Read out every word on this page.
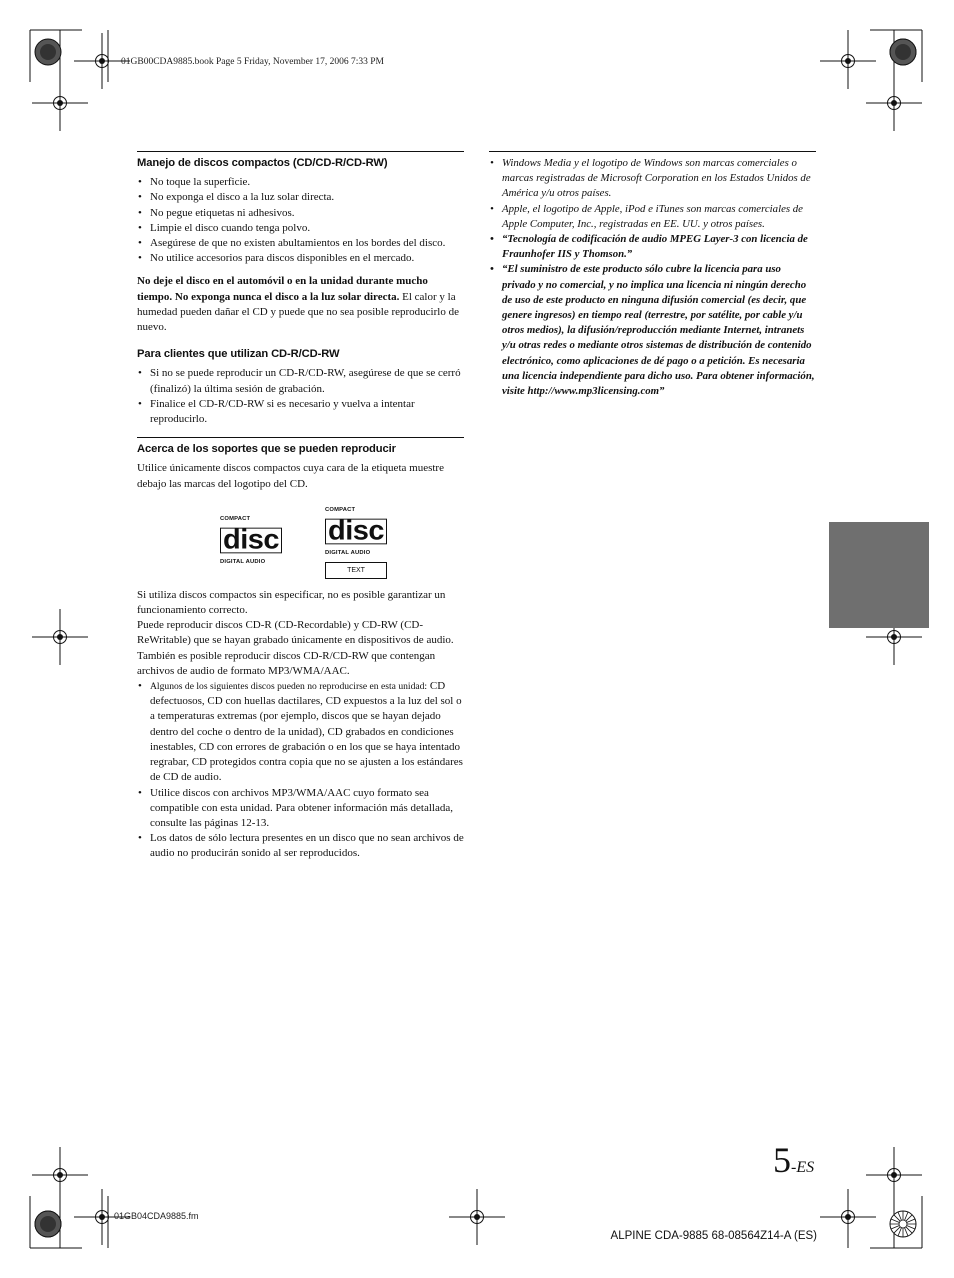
01GB00CDA9885.book Page 5 Friday, November 17, 2006 7:33 PM
Manejo de discos compactos (CD/CD-R/CD-RW)
• No toque la superficie.
• No exponga el disco a la luz solar directa.
• No pegue etiquetas ni adhesivos.
• Limpie el disco cuando tenga polvo.
• Asegúrese de que no existen abultamientos en los bordes del disco.
• No utilice accesorios para discos disponibles en el mercado.

No deje el disco en el automóvil o en la unidad durante mucho tiempo. No exponga nunca el disco a la luz solar directa. El calor y la humedad pueden dañar el CD y puede que no sea posible reproducirlo de nuevo.

Para clientes que utilizan CD-R/CD-RW
• Si no se puede reproducir un CD-R/CD-RW, asegúrese de que se cerró (finalizó) la última sesión de grabación.
• Finalice el CD-R/CD-RW si es necesario y vuelva a intentar reproducirlo.
Acerca de los soportes que se pueden reproducir

Utilice únicamente discos compactos cuya cara de la etiqueta muestre debajo las marcas del logotipo del CD.

COMPACT
disc
DIGITAL AUDIO
COMPACT
disc
DIGITAL AUDIO
TEXT

Si utiliza discos compactos sin especificar, no es posible garantizar un funcionamiento correcto.

Puede reproducir discos CD-R (CD-Recordable) y CD-RW (CD-ReWritable) que se hayan grabado únicamente en dispositivos de audio. También es posible reproducir discos CD-R/CD-RW que contengan archivos de audio de formato MP3/WMA/AAC.

• Algunos de los siguientes discos pueden no reproducirse en esta unidad: CD defectuosos, CD con huellas dactilares, CD expuestos a la luz del sol o a temperaturas extremas (por ejemplo, discos que se hayan dejado dentro del coche o dentro de la unidad), CD grabados en condiciones inestables, CD con errores de grabación o en los que se haya intentado regrabar, CD protegidos contra copia que no se ajusten a los estándares de CD de audio.
• Utilice discos con archivos MP3/WMA/AAC cuyo formato sea compatible con esta unidad. Para obtener información más detallada, consulte las páginas 12-13.
• Los datos de sólo lectura presentes en un disco que no sean archivos de audio no producirán sonido al ser reproducidos.
• Windows Media y el logotipo de Windows son marcas comerciales o marcas registradas de Microsoft Corporation en los Estados Unidos de América y/u otros países.
• Apple, el logotipo de Apple, iPod e iTunes son marcas comerciales de Apple Computer, Inc., registradas en EE. UU. y otros países.
• “Tecnología de codificación de audio MPEG Layer-3 con licencia de Fraunhofer IIS y Thomson.”
• “El suministro de este producto sólo cubre la licencia para uso privado y no comercial, y no implica una licencia ni ningún derecho de uso de este producto en ninguna difusión comercial (es decir, que genere ingresos) en tiempo real (terrestre, por satélite, por cable y/u otros medios), la difusión/reproducción mediante Internet, intranets y/u otras redes o mediante otros sistemas de distribución de contenido electrónico, como aplicaciones de dé pago o a petición. Es necesaria una licencia independiente para dicho uso. Para obtener información, visite http://www.mp3licensing.com”
5-ES
01GB04CDA9885.fm
ALPINE CDA-9885 68-08564Z14-A (ES)
